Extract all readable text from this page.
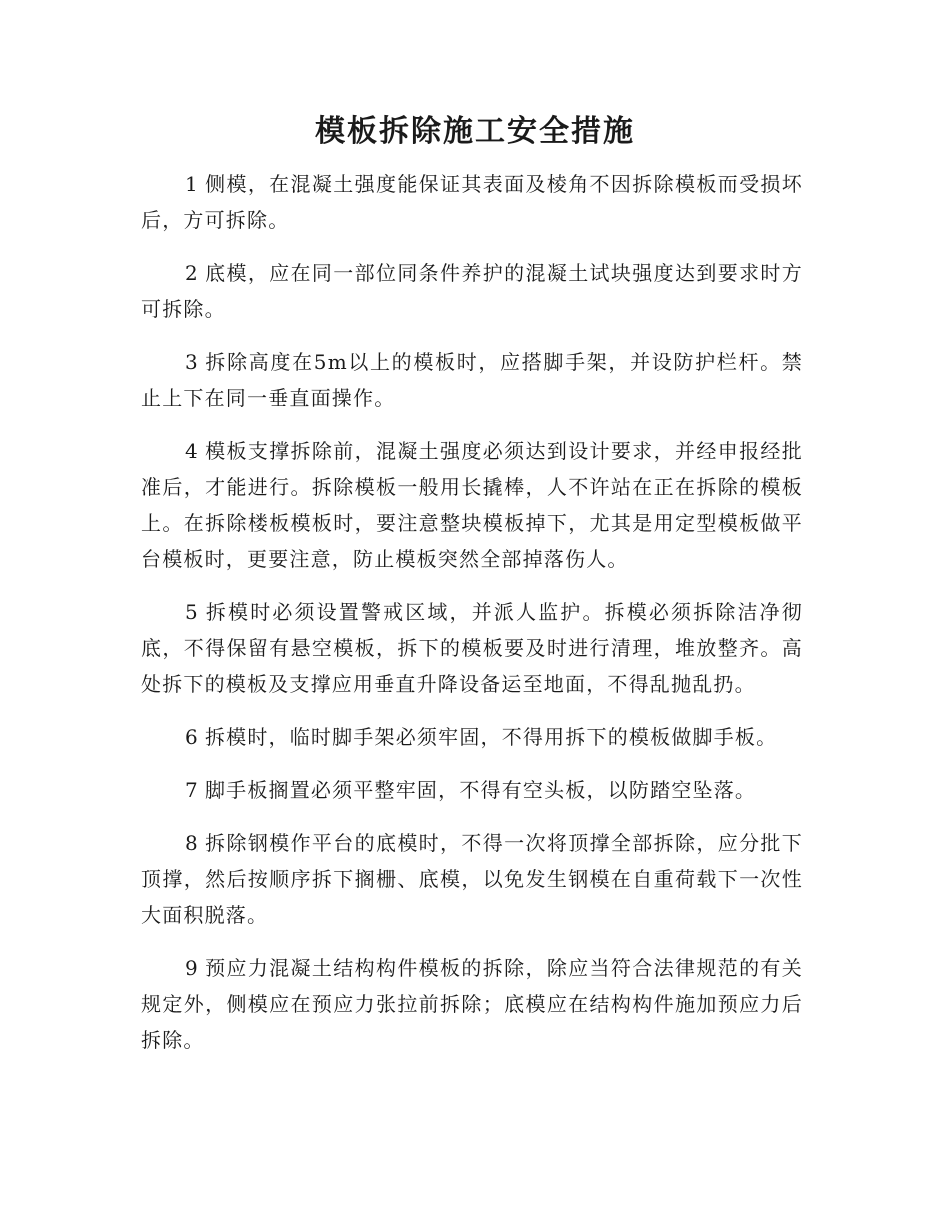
模板拆除施工安全措施

1 侧模，在混凝土强度能保证其表面及棱角不因拆除模板而受损坏后，方可拆除。

2 底模，应在同一部位同条件养护的混凝土试块强度达到要求时方可拆除。

3 拆除高度在5m以上的模板时，应搭脚手架，并设防护栏杆。禁止上下在同一垂直面操作。

4 模板支撑拆除前，混凝土强度必须达到设计要求，并经申报经批准后，才能进行。拆除模板一般用长撬棒，人不许站在正在拆除的模板上。在拆除楼板模板时，要注意整块模板掉下，尤其是用定型模板做平台模板时，更要注意，防止模板突然全部掉落伤人。

5 拆模时必须设置警戒区域，并派人监护。拆模必须拆除洁净彻底，不得保留有悬空模板，拆下的模板要及时进行清理，堆放整齐。高处拆下的模板及支撑应用垂直升降设备运至地面，不得乱抛乱扔。

6 拆模时，临时脚手架必须牢固，不得用拆下的模板做脚手板。

7 脚手板搁置必须平整牢固，不得有空头板，以防踏空坠落。

8 拆除钢模作平台的底模时，不得一次将顶撑全部拆除，应分批下顶撑，然后按顺序拆下搁栅、底模，以免发生钢模在自重荷载下一次性大面积脱落。

9 预应力混凝土结构构件模板的拆除，除应当符合法律规范的有关规定外，侧模应在预应力张拉前拆除；底模应在结构构件施加预应力后拆除。
